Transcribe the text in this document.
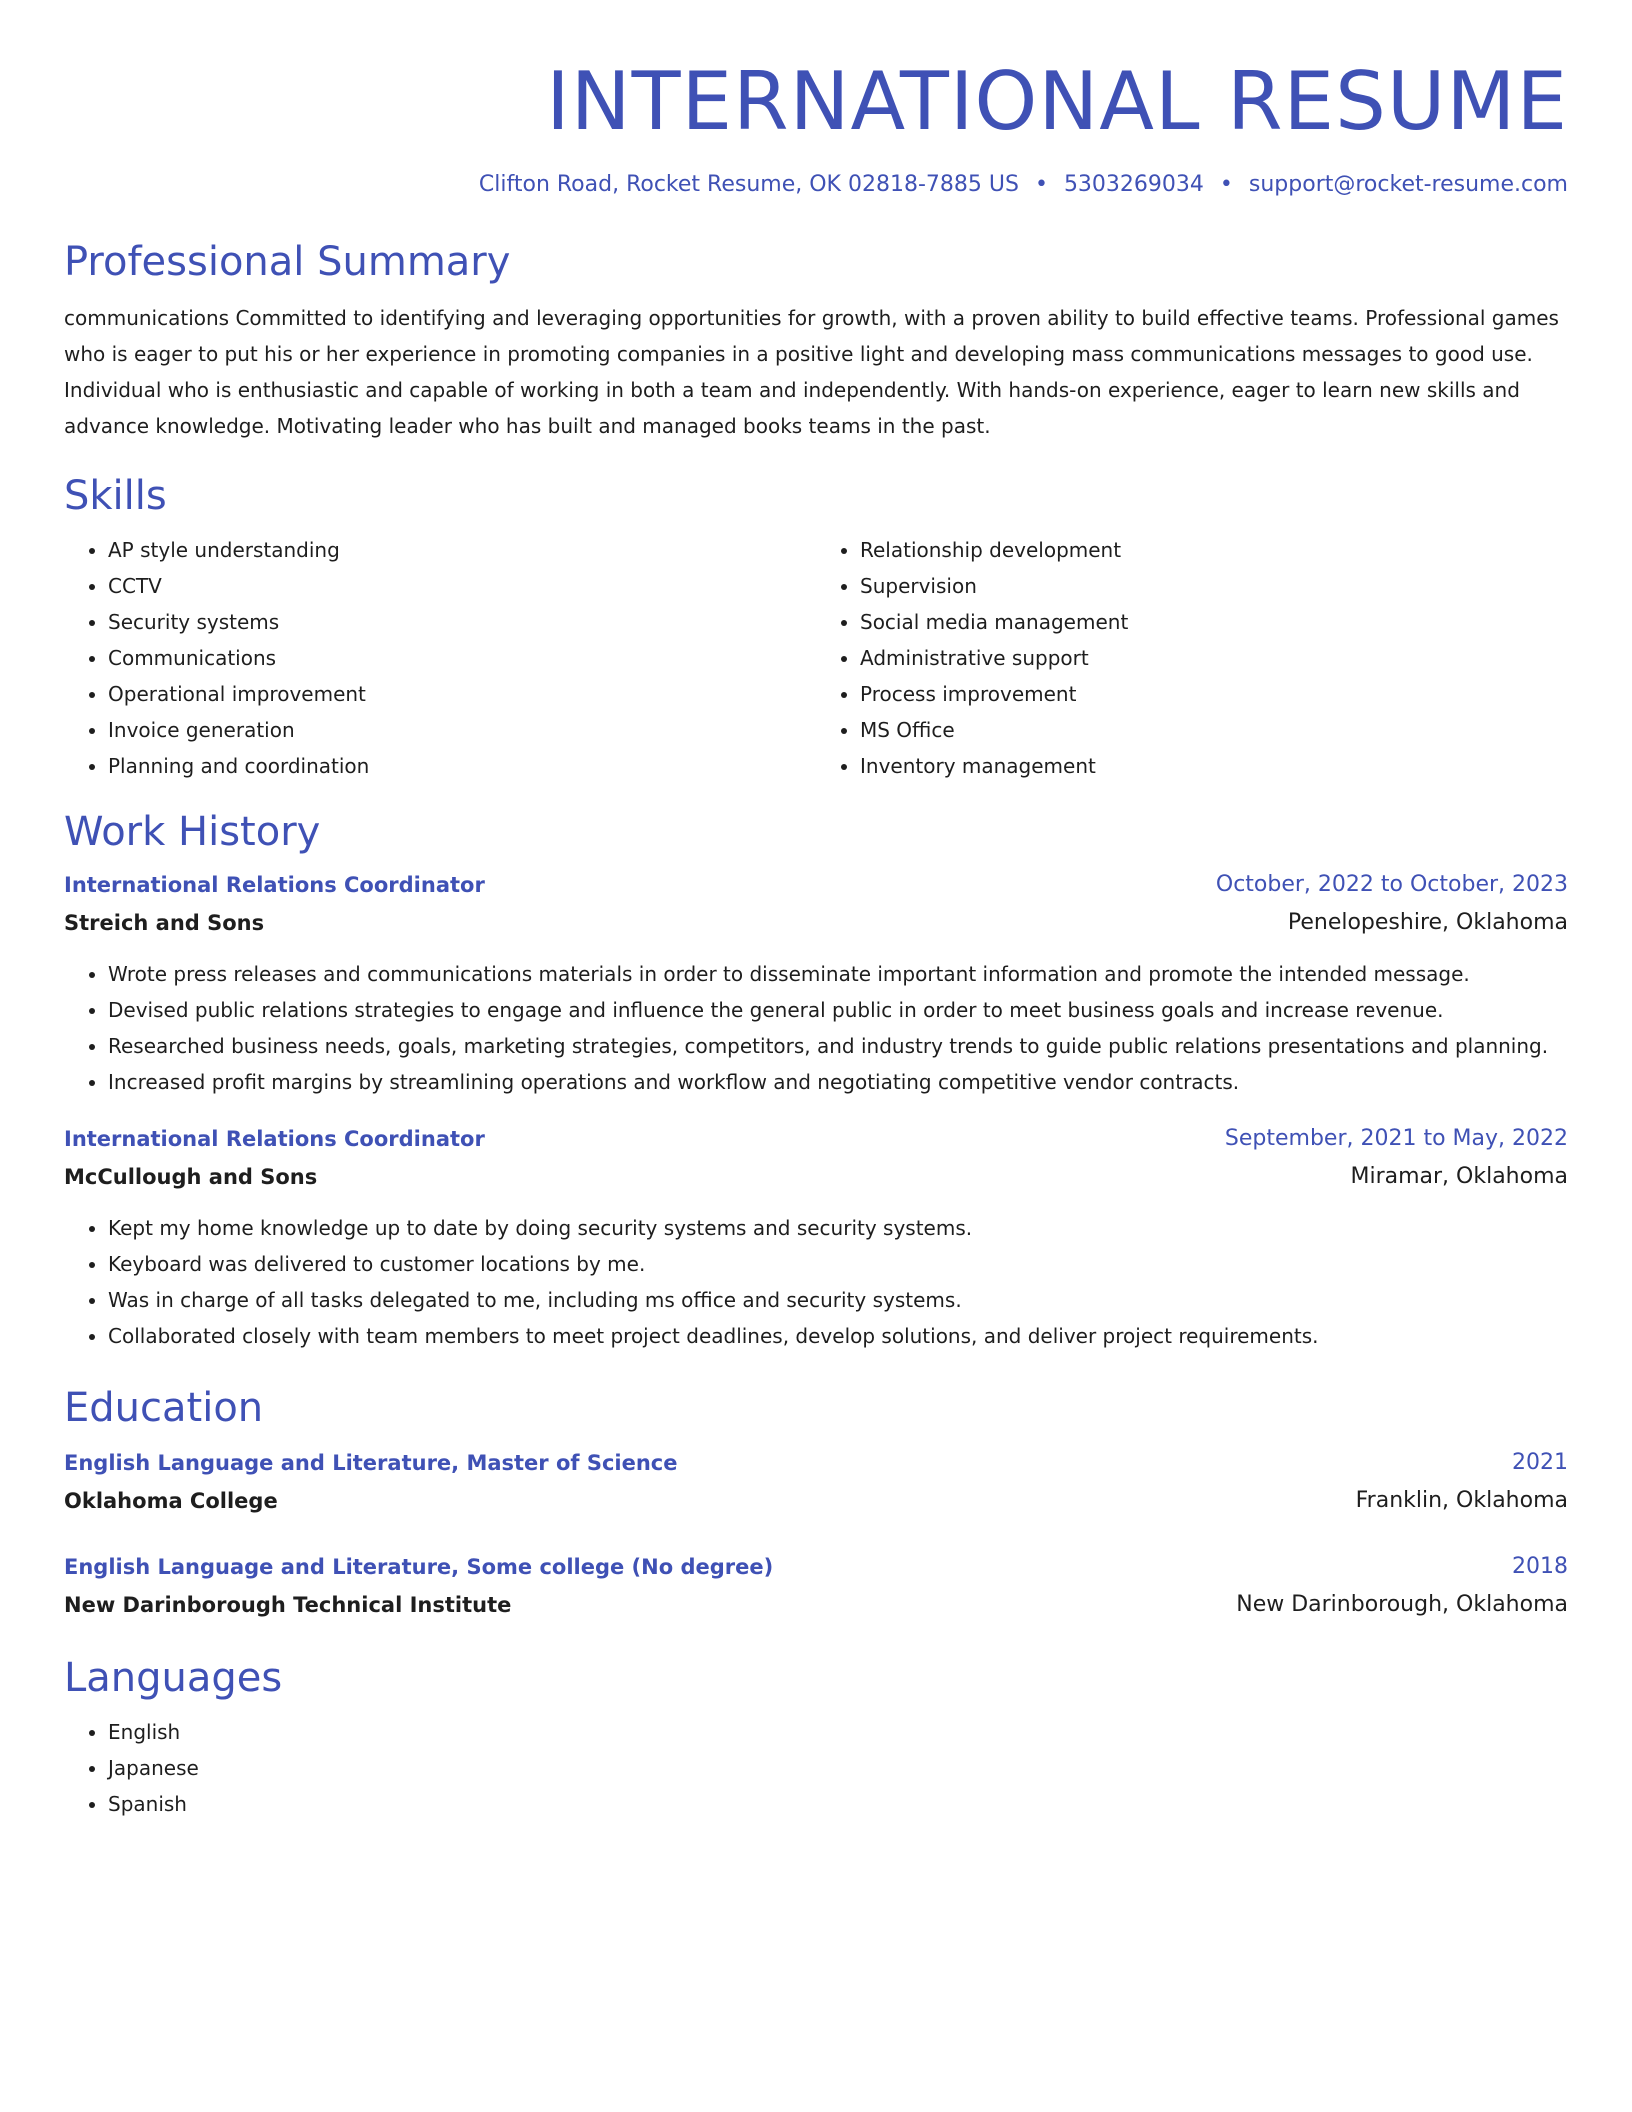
INTERNATIONAL RESUME
Clifton Road, Rocket Resume, OK 02818-7885 US • 5303269034 • support@rocket-resume.com
Professional Summary

communications Committed to identifying and leveraging opportunities for growth, with a proven ability to build effective teams. Professional games who is eager to put his or her experience in promoting companies in a positive light and developing mass communications messages to good use. Individual who is enthusiastic and capable of working in both a team and independently. With hands-on experience, eager to learn new skills and advance knowledge. Motivating leader who has built and managed books teams in the past.

Skills
• AP style understanding
• CCTV
• Security systems
• Communications
• Operational improvement
• Invoice generation
• Planning and coordination
• Relationship development
• Supervision
• Social media management
• Administrative support
• Process improvement
• MS Office
• Inventory management
Work History
International Relations Coordinator	October, 2022 to October, 2023
Streich and Sons	Penelopeshire, Oklahoma
• Wrote press releases and communications materials in order to disseminate important information and promote the intended message.
• Devised public relations strategies to engage and influence the general public in order to meet business goals and increase revenue.
• Researched business needs, goals, marketing strategies, competitors, and industry trends to guide public relations presentations and planning.
• Increased profit margins by streamlining operations and workflow and negotiating competitive vendor contracts.
International Relations Coordinator	September, 2021 to May, 2022
McCullough and Sons	Miramar, Oklahoma
• Kept my home knowledge up to date by doing security systems and security systems.
• Keyboard was delivered to customer locations by me.
• Was in charge of all tasks delegated to me, including ms office and security systems.
• Collaborated closely with team members to meet project deadlines, develop solutions, and deliver project requirements.
Education
English Language and Literature, Master of Science	2021
Oklahoma College	Franklin, Oklahoma
English Language and Literature, Some college (No degree)	2018
New Darinborough Technical Institute	New Darinborough, Oklahoma
Languages
• English
• Japanese
• Spanish
